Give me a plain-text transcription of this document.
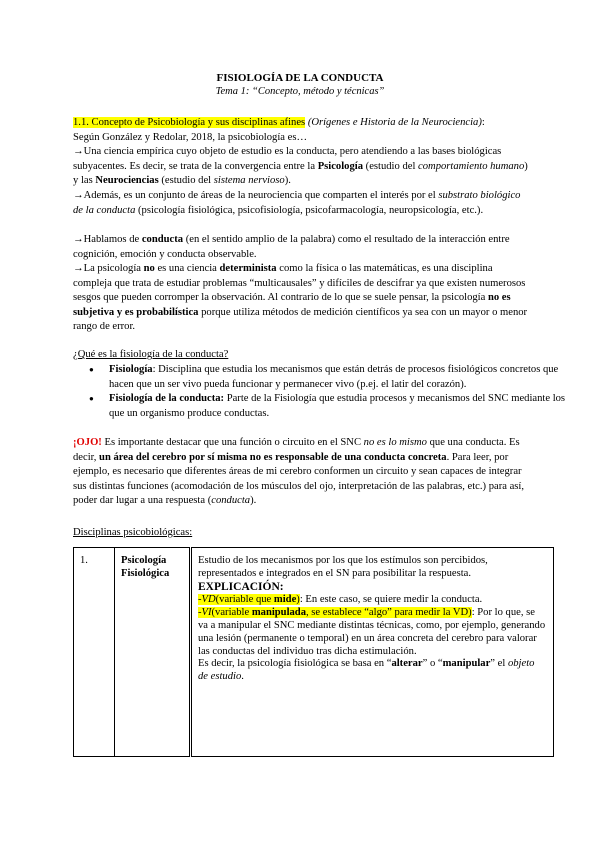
FISIOLOGÍA DE LA CONDUCTA
Tema 1: “Concepto, método y técnicas”

1.1. Concepto de Psicobiología y sus disciplinas afines (Orígenes e Historia de la Neurociencia):
Según González y Redolar, 2018, la psicobiología es…

→Una ciencia empírica cuyo objeto de estudio es la conducta, pero atendiendo a las bases biológicas subyacentes. Es decir, se trata de la convergencia entre la Psicología (estudio del comportamiento humano) y las Neurociencias (estudio del sistema nervioso).

→Además, es un conjunto de áreas de la neurociencia que comparten el interés por el substrato biológico de la conducta (psicología fisiológica, psicofisiología, psicofarmacología, neuropsicología, etc.).

→Hablamos de conducta (en el sentido amplio de la palabra) como el resultado de la interacción entre cognición, emoción y conducta observable.

→La psicología no es una ciencia determinista como la física o las matemáticas, es una disciplina compleja que trata de estudiar problemas “multicausales” y difíciles de descifrar ya que existen numerosos sesgos que pueden corromper la observación. Al contrario de lo que se suele pensar, la psicología no es subjetiva y es probabilística porque utiliza métodos de medición científicos ya sea con un mayor o menor rango de error.

¿Qué es la fisiología de la conducta?

● Fisiología: Disciplina que estudia los mecanismos que están detrás de procesos fisiológicos concretos que hacen que un ser vivo pueda funcionar y permanecer vivo (p.ej. el latir del corazón).
● Fisiología de la conducta: Parte de la Fisiología que estudia procesos y mecanismos del SNC mediante los que un organismo produce conductas.

¡OJO! Es importante destacar que una función o circuito en el SNC no es lo mismo que una conducta. Es decir, un área del cerebro por sí misma no es responsable de una conducta concreta. Para leer, por ejemplo, es necesario que diferentes áreas de mi cerebro conformen un circuito y sean capaces de integrar sus distintas funciones (acomodación de los músculos del ojo, interpretación de las palabras, etc.) para así, poder dar lugar a una respuesta (conducta).

Disciplinas psicobiológicas:

1.	Psicología Fisiológica	Estudio de los mecanismos por los que los estímulos son percibidos, representados e integrados en el SN para posibilitar la respuesta.
EXPLICACIÓN:
-VD(variable que mide): En este caso, se quiere medir la conducta.
-VI(variable manipulada, se establece “algo” para medir la VD): Por lo que, se va a manipular el SNC mediante distintas técnicas, como, por ejemplo, generando una lesión (permanente o temporal) en un área concreta del cerebro para valorar las conductas del individuo tras dicha estimulación.
Es decir, la psicología fisiológica se basa en “alterar” o “manipular” el objeto de estudio.
